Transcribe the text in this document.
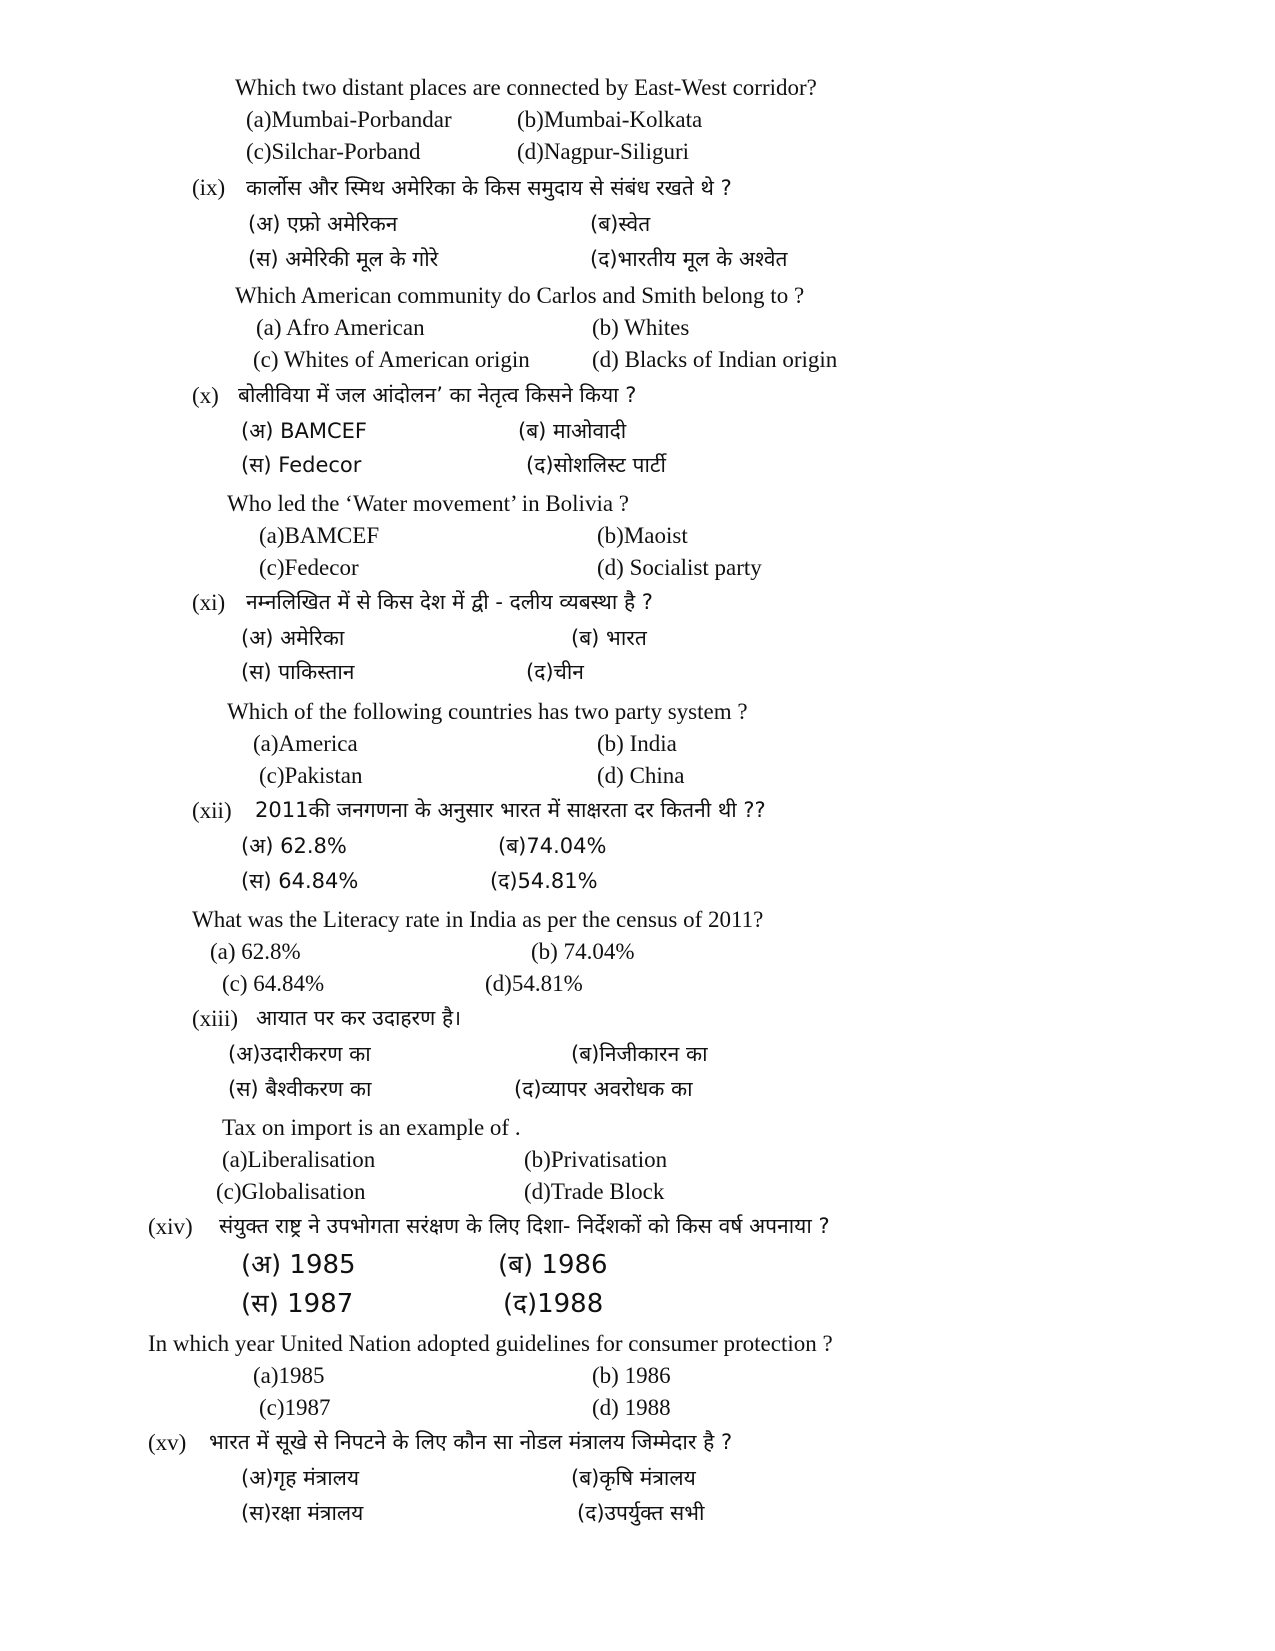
Which two distant places are connected by East-West corridor?
(a)Mumbai-Porbandar	(b)Mumbai-Kolkata
(c)Silchar-Porband	(d)Nagpur-Siliguri
(ix) कार्लोस और स्मिथ अमेरिका के किस समुदाय से संबंध रखते थे ?
(अ) एफ्रो अमेरिकन	(ब)स्वेत
(स) अमेरिकी मूल के गोरे	(द)भारतीय मूल के अश्वेत
Which American community do Carlos and Smith belong to ?
(a) Afro American	(b) Whites
(c) Whites of American origin	(d) Blacks of Indian origin
(x) बोलीविया में जल आंदोलन’ का नेतृत्व किसने किया ?
(अ) BAMCEF	(ब) माओवादी
(स) Fedecor	(द)सोशलिस्ट पार्टी
Who led the ‘Water movement’ in Bolivia ?
(a)BAMCEF	(b)Maoist
(c)Fedecor	(d) Socialist party
(xi) नम्नलिखित में से किस देश में द्वी - दलीय व्यबस्था है ?
(अ) अमेरिका	(ब) भारत
(स) पाकिस्तान	(द)चीन
Which of the following countries has two party system ?
(a)America	(b) India
(c)Pakistan	(d) China
(xii) 2011की जनगणना के अनुसार भारत में साक्षरता दर कितनी थी ??
(अ) 62.8%	(ब)74.04%
(स) 64.84%	(द)54.81%
What was the Literacy rate in India as per the census of 2011?
(a) 62.8%	(b) 74.04%
(c) 64.84%	(d)54.81%
(xiii) आयात पर कर उदाहरण है।
(अ)उदारीकरण का	(ब)निजीकारन का
(स) बैश्वीकरण का	(द)व्यापर अवरोधक का
Tax on import is an example of .
(a)Liberalisation	(b)Privatisation
(c)Globalisation	(d)Trade Block
(xiv) संयुक्त राष्ट्र ने उपभोगता सरंक्षण के लिए दिशा- निर्देशकों को किस वर्ष अपनाया ?
(अ) 1985	(ब) 1986
(स) 1987	(द)1988
In which year United Nation adopted guidelines for consumer protection ?
(a)1985	(b) 1986
(c)1987	(d) 1988
(xv) भारत में सूखे से निपटने के लिए कौन सा नोडल मंत्रालय जिम्मेदार है ?
(अ)गृह मंत्रालय	(ब)कृषि मंत्रालय
(स)रक्षा मंत्रालय	(द)उपर्युक्त सभी
